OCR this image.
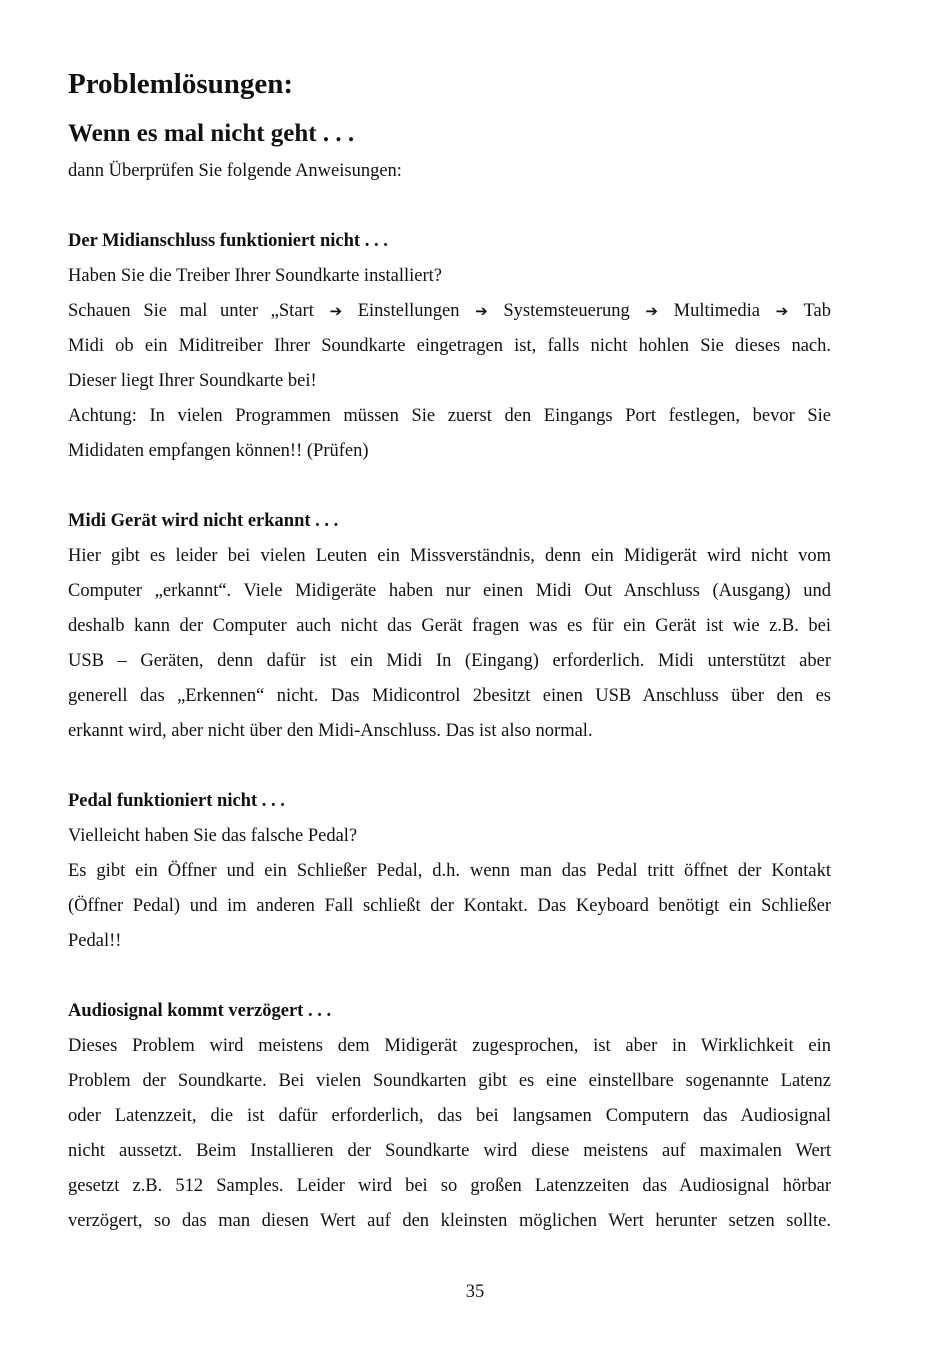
Problemlösungen:
Wenn es mal nicht geht . . .

dann Überprüfen Sie folgende Anweisungen:

Der Midianschluss funktioniert nicht . . .

Haben Sie die Treiber Ihrer Soundkarte installiert?
Schauen Sie mal unter „Start ➔ Einstellungen ➔ Systemsteuerung ➔ Multimedia ➔ Tab
Midi ob ein Miditreiber Ihrer Soundkarte eingetragen ist, falls nicht hohlen Sie dieses nach.
Dieser liegt Ihrer Soundkarte bei!
Achtung: In vielen Programmen müssen Sie zuerst den Eingangs Port festlegen, bevor Sie
Mididaten empfangen können!! (Prüfen)

Midi Gerät wird nicht erkannt . . .

Hier gibt es leider bei vielen Leuten ein Missverständnis, denn ein Midigerät wird nicht vom
Computer „erkannt“. Viele Midigeräte haben nur einen Midi Out Anschluss (Ausgang) und
deshalb kann der Computer auch nicht das Gerät fragen was es für ein Gerät ist wie z.B. bei
USB – Geräten, denn dafür ist ein Midi In (Eingang) erforderlich. Midi unterstützt aber
generell das „Erkennen“ nicht. Das Midicontrol 2besitzt einen USB Anschluss über den es
erkannt wird, aber nicht über den Midi-Anschluss. Das ist also normal.

Pedal funktioniert nicht . . .

Vielleicht haben Sie das falsche Pedal?
Es gibt ein Öffner und ein Schließer Pedal, d.h. wenn man das Pedal tritt öffnet der Kontakt
(Öffner Pedal) und im anderen Fall schließt der Kontakt. Das Keyboard benötigt ein Schließer
Pedal!!

Audiosignal kommt verzögert . . .

Dieses Problem wird meistens dem Midigerät zugesprochen, ist aber in Wirklichkeit ein
Problem der Soundkarte. Bei vielen Soundkarten gibt es eine einstellbare sogenannte Latenz
oder Latenzzeit, die ist dafür erforderlich, das bei langsamen Computern das Audiosignal
nicht aussetzt. Beim Installieren der Soundkarte wird diese meistens auf maximalen Wert
gesetzt z.B. 512 Samples. Leider wird bei so großen Latenzzeiten das Audiosignal hörbar
verzögert, so das man diesen Wert auf den kleinsten möglichen Wert herunter setzen sollte.
35
